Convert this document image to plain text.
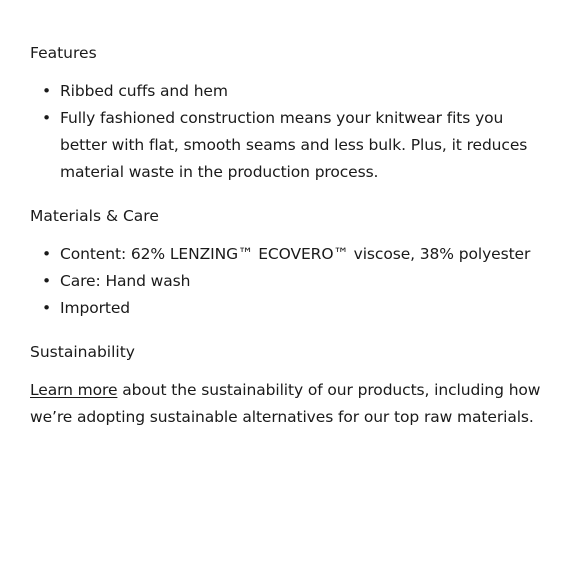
Features
• Ribbed cuffs and hem
• Fully fashioned construction means your knitwear fits you better with flat, smooth seams and less bulk. Plus, it reduces material waste in the production process.
Materials & Care
• Content: 62% LENZING™ ECOVERO™ viscose, 38% polyester
• Care: Hand wash
• Imported
Sustainability

Learn more about the sustainability of our products, including how we’re adopting sustainable alternatives for our top raw materials.
